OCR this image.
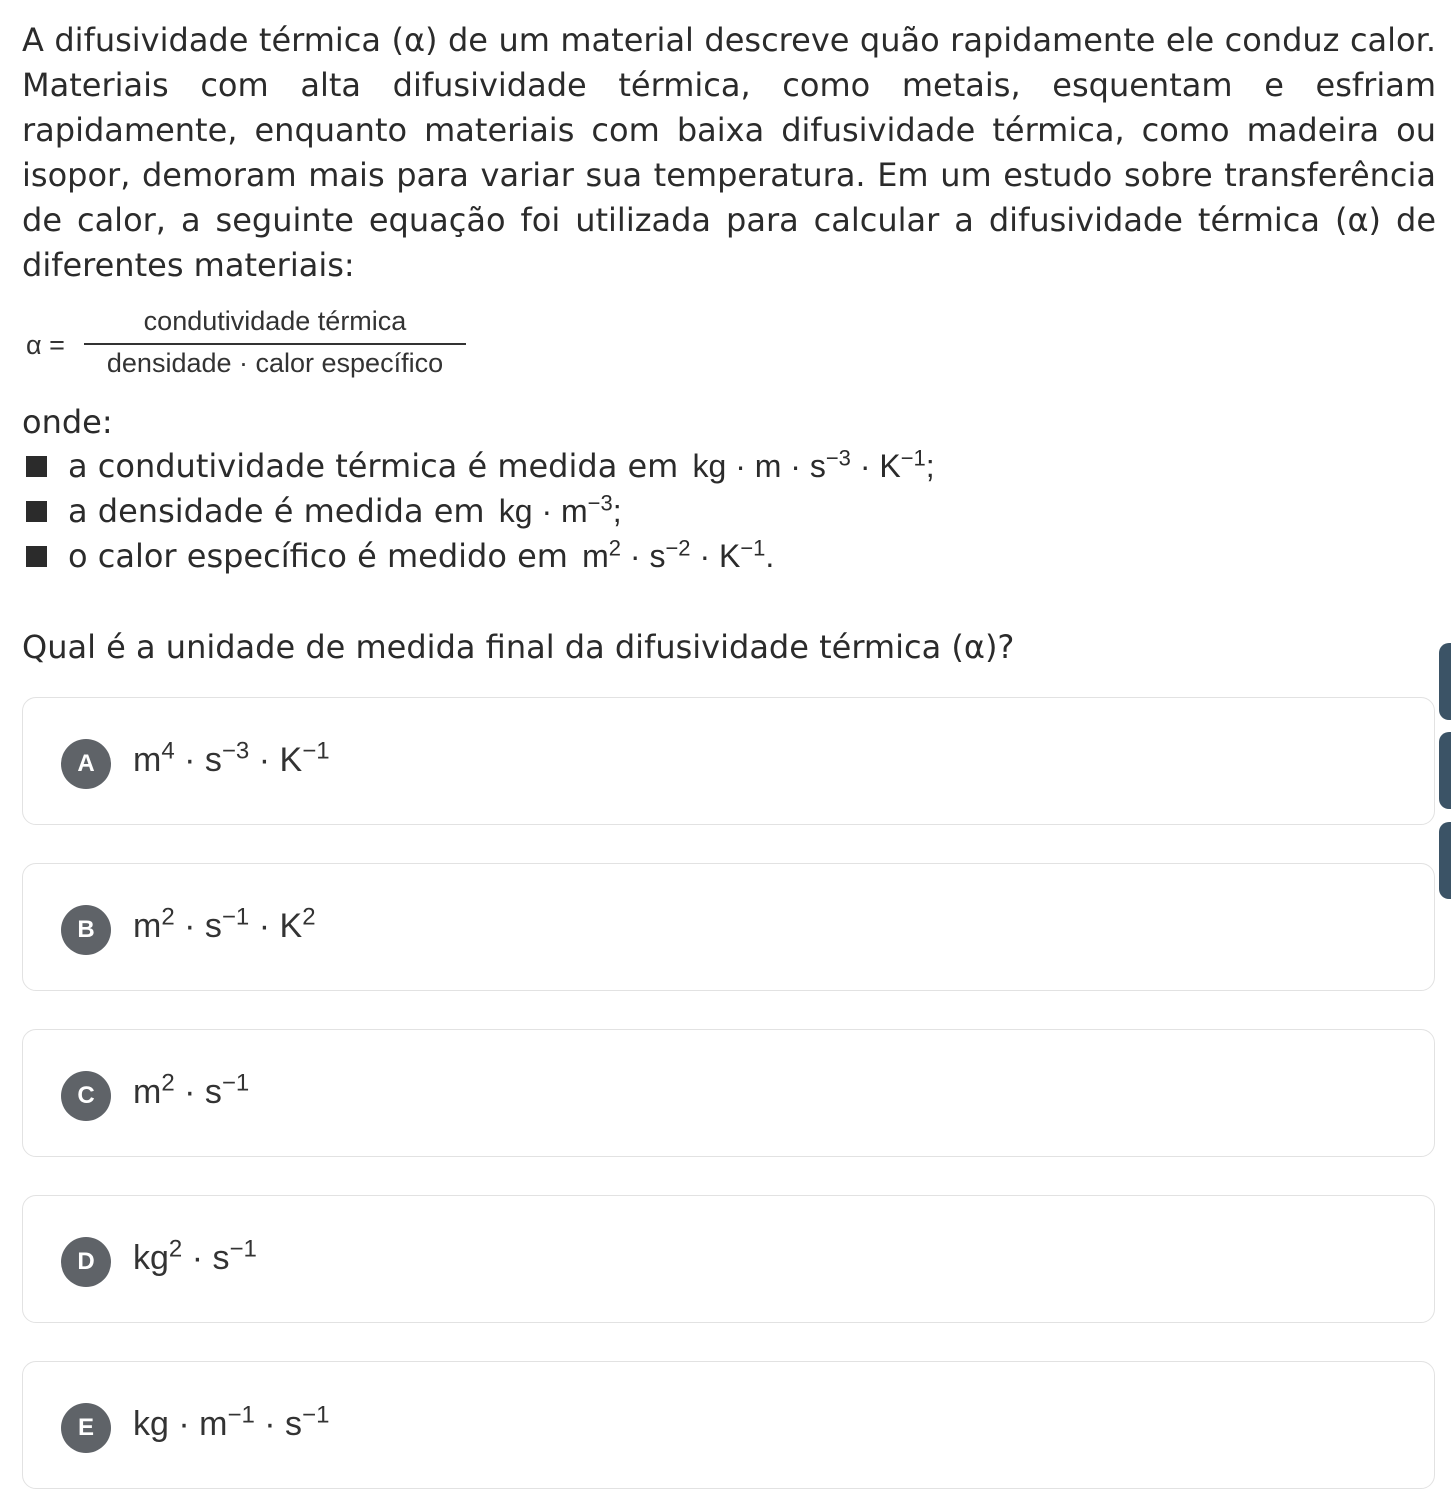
A difusividade térmica (α) de um material descreve quão rapidamente ele conduz calor. Materiais com alta difusividade térmica, como metais, esquentam e esfriam rapidamente, enquanto materiais com baixa difusividade térmica, como madeira ou isopor, demoram mais para variar sua temperatura. Em um estudo sobre transferência de calor, a seguinte equação foi utilizada para calcular a difusividade térmica (α) de diferentes materiais:

α =
condutividade térmica
densidade · calor específico

onde:

a condutividade térmica é medida em kg · $m \cdot s^{-3} \cdot K^{-1}$;
a densidade é medida em kg · $m^{-3}$;
o calor específico é medido em $m^2 \cdot s^{-2} \cdot K^{-1}$.

Qual é a unidade de medida final da difusividade térmica (α)?

A	$m^4 \cdot s^{-3} \cdot K^{-1}$
B	$m^2 \cdot s^{-1} \cdot K^2$
C	$m^2 \cdot s^{-1}$
D	$kg^2 \cdot s^{-1}$
E	kg · $m^{-1} \cdot s^{-1}$
